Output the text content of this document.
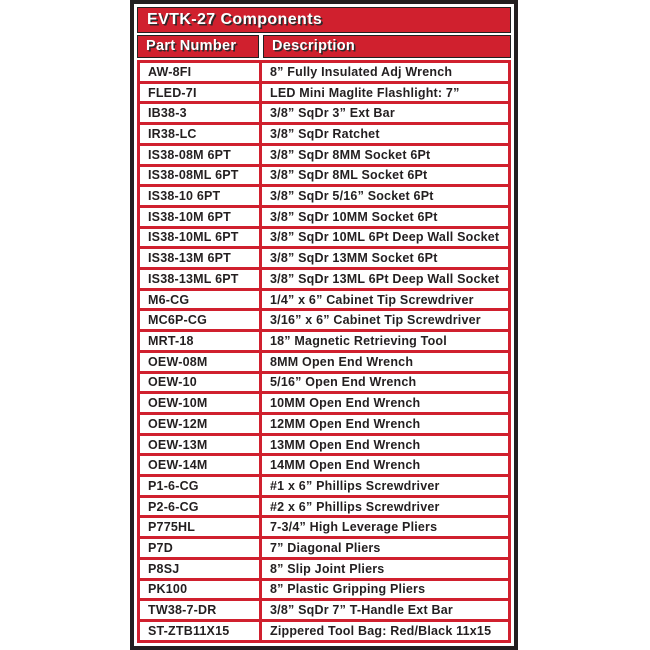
EVTK-27 Components
Part Number	Description
AW-8FI	8” Fully Insulated Adj Wrench
FLED-7I	LED Mini Maglite Flashlight: 7”
IB38-3	3/8” SqDr 3” Ext Bar
IR38-LC	3/8” SqDr Ratchet
IS38-08M 6PT	3/8” SqDr 8MM Socket 6Pt
IS38-08ML 6PT	3/8” SqDr 8ML Socket 6Pt
IS38-10 6PT	3/8” SqDr 5/16” Socket 6Pt
IS38-10M 6PT	3/8” SqDr 10MM Socket 6Pt
IS38-10ML 6PT	3/8” SqDr 10ML 6Pt Deep Wall Socket
IS38-13M 6PT	3/8” SqDr 13MM Socket 6Pt
IS38-13ML 6PT	3/8” SqDr 13ML 6Pt Deep Wall Socket
M6-CG	1/4” x 6” Cabinet Tip Screwdriver
MC6P-CG	3/16” x 6” Cabinet Tip Screwdriver
MRT-18	18” Magnetic Retrieving Tool
OEW-08M	8MM Open End Wrench
OEW-10	5/16” Open End Wrench
OEW-10M	10MM Open End Wrench
OEW-12M	12MM Open End Wrench
OEW-13M	13MM Open End Wrench
OEW-14M	14MM Open End Wrench
P1-6-CG	#1 x 6” Phillips Screwdriver
P2-6-CG	#2 x 6” Phillips Screwdriver
P775HL	7-3/4” High Leverage Pliers
P7D	7” Diagonal Pliers
P8SJ	8” Slip Joint Pliers
PK100	8” Plastic Gripping Pliers
TW38-7-DR	3/8” SqDr 7” T-Handle Ext Bar
ST-ZTB11X15	Zippered Tool Bag: Red/Black 11x15
